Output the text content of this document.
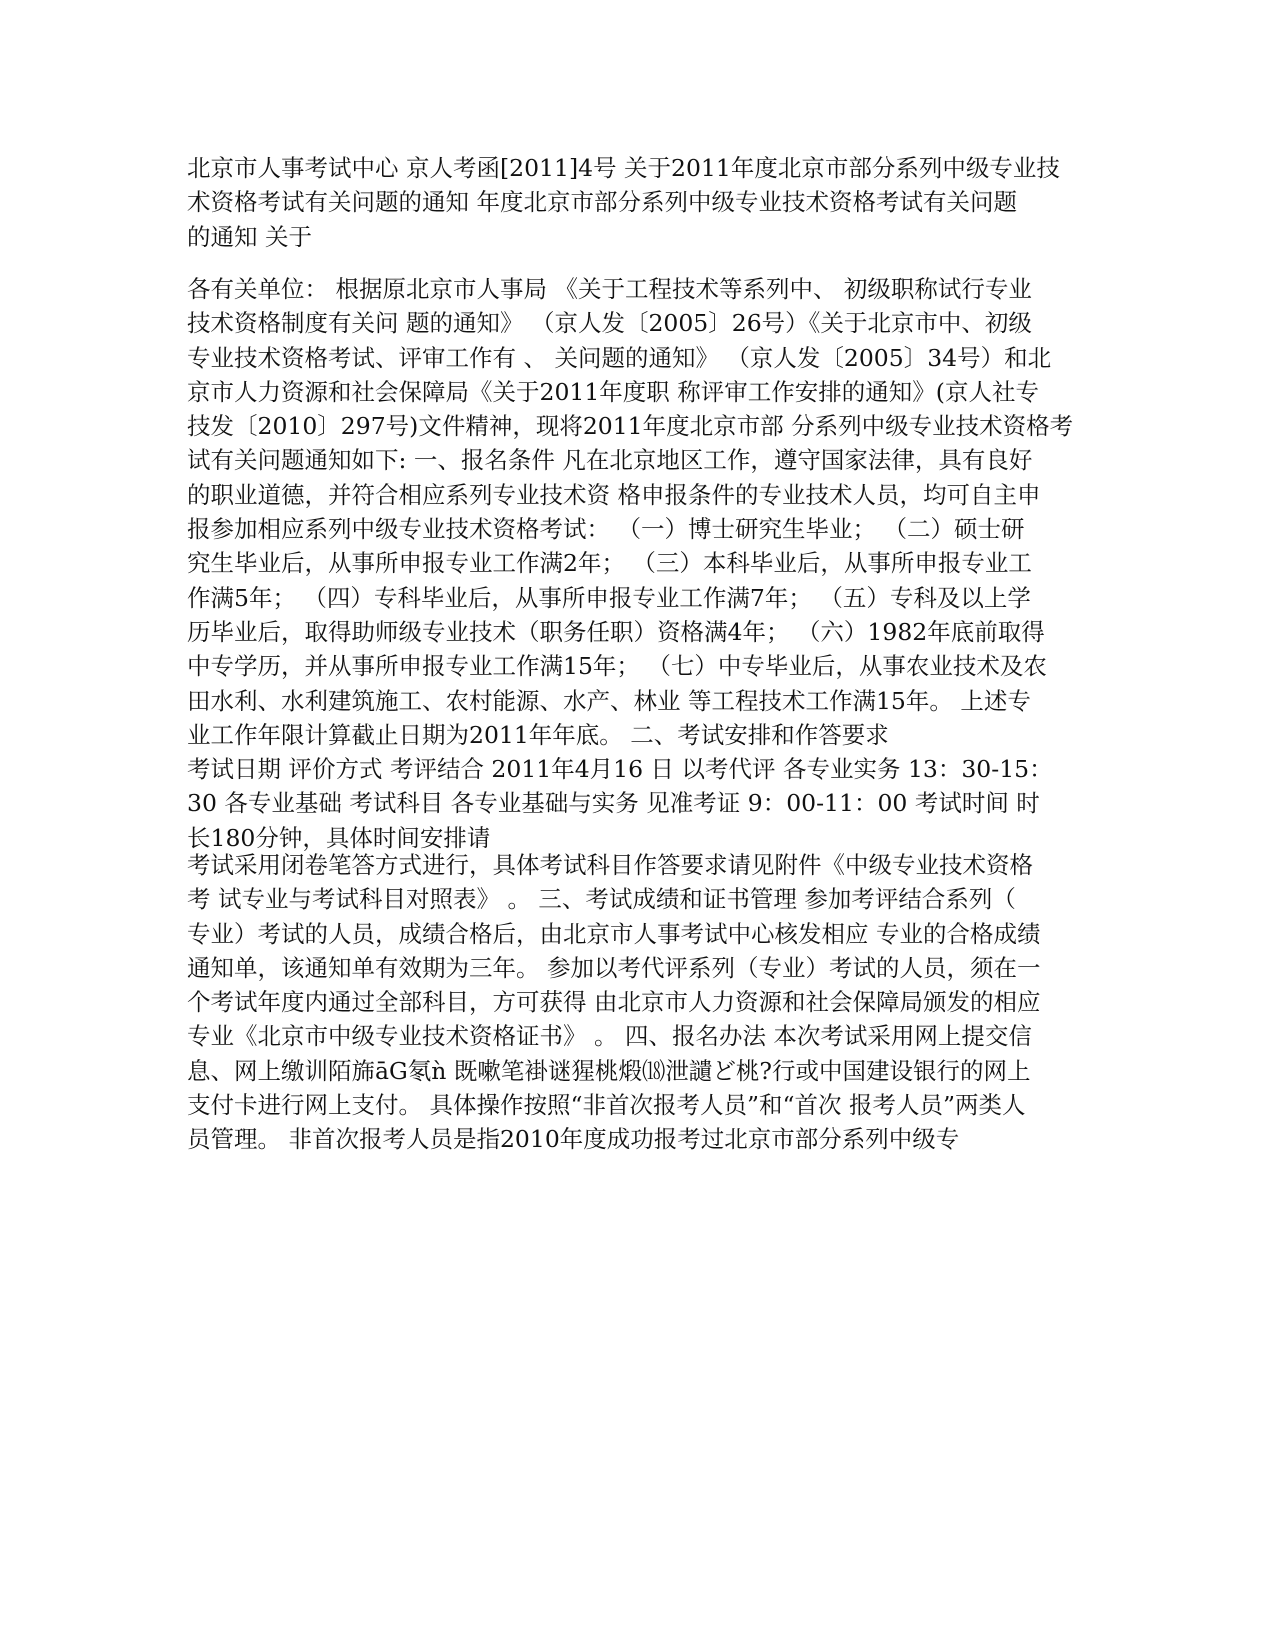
北京市人事考试中心 京人考函[2011]4号 关于2011年度北京市部分系列中级专业技
术资格考试有关问题的通知 年度北京市部分系列中级专业技术资格考试有关问题
的通知 关于
各有关单位： 根据原北京市人事局 《关于工程技术等系列中、 初级职称试行专业
技术资格制度有关问 题的通知》 （京人发〔2005〕26号）《关于北京市中、初级
专业技术资格考试、评审工作有 、 关问题的通知》 （京人发〔2005〕34号）和北
京市人力资源和社会保障局《关于2011年度职 称评审工作安排的通知》(京人社专
技发〔2010〕297号)文件精神，现将2011年度北京市部 分系列中级专业技术资格考
试有关问题通知如下: 一、报名条件 凡在北京地区工作，遵守国家法律，具有良好
的职业道德，并符合相应系列专业技术资 格申报条件的专业技术人员，均可自主申
报参加相应系列中级专业技术资格考试： （一）博士研究生毕业； （二）硕士研
究生毕业后，从事所申报专业工作满2年； （三）本科毕业后，从事所申报专业工
作满5年； （四）专科毕业后，从事所申报专业工作满7年； （五）专科及以上学
历毕业后，取得助师级专业技术（职务任职）资格满4年； （六）1982年底前取得
中专学历，并从事所申报专业工作满15年； （七）中专毕业后，从事农业技术及农
田水利、水利建筑施工、农村能源、水产、林业 等工程技术工作满15年。 上述专
业工作年限计算截止日期为2011年年底。 二、考试安排和作答要求
考试日期 评价方式 考评结合 2011年4月16 日 以考代评 各专业实务 13：30-15：
30 各专业基础 考试科目 各专业基础与实务 见准考证 9：00-11：00 考试时间 时
长180分钟，具体时间安排请
考试采用闭卷笔答方式进行，具体考试科目作答要求请见附件《中级专业技术资格
考 试专业与考试科目对照表》 。 三、考试成绩和证书管理 参加考评结合系列（
专业）考试的人员，成绩合格后，由北京市人事考试中心核发相应 专业的合格成绩
通知单，该通知单有效期为三年。 参加以考代评系列（专业）考试的人员，须在一
个考试年度内通过全部科目，方可获得 由北京市人力资源和社会保障局颁发的相应
专业《北京市中级专业技术资格证书》 。 四、报名办法 本次考试采用网上提交信
息、网上缴训陌旆āG氡ǹ 既嗽笔褂谜猩桃煅⒅泄讉ど桃?行或中国建设银行的网上
支付卡进行网上支付。 具体操作按照“非首次报考人员”和“首次 报考人员”两类人
员管理。 非首次报考人员是指2010年度成功报考过北京市部分系列中级专
